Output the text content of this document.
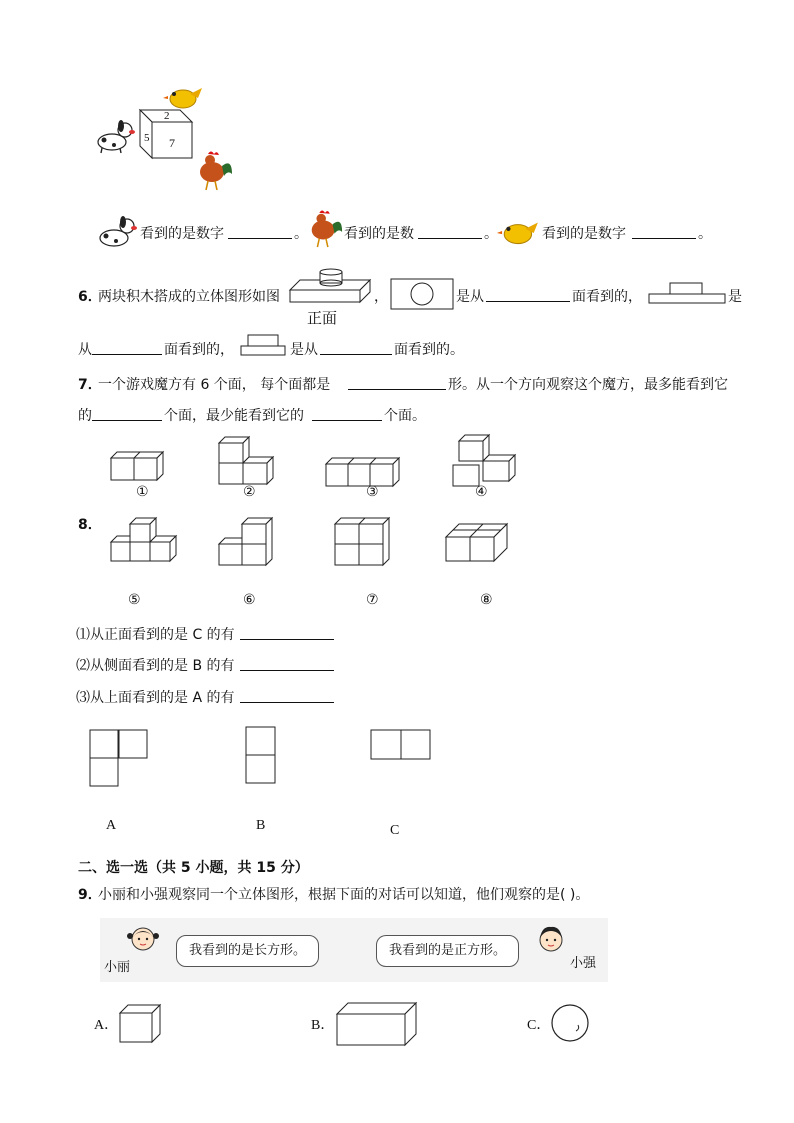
2
5 7
看到的是数字	。	看到的是数	。	看到的是数字	。
6．
两块积木搭成的立体图形如图
正面
，	是从	面看到的，	是
从	面看到的，	是从	面看到的。
7．
一个游戏魔方有 6 个面， 每个面都是	形。从一个方向观察这个魔方，最多能看到它
的	个面，最少能看到它的	个面。
①	②	③	④
8．
⑤	⑥	⑦	⑧
⑴从正面看到的是 C 的有
⑵从侧面看到的是 B 的有
⑶从上面看到的是 A 的有
A	B	C
二、选一选（共 5 小题，共 15 分）
9．
小丽和小强观察同一个立体图形，根据下面的对话可以知道，他们观察的是( )。
小丽
我看到的是长方形。	我看到的是正方形。
小强
A．	B．	C．
